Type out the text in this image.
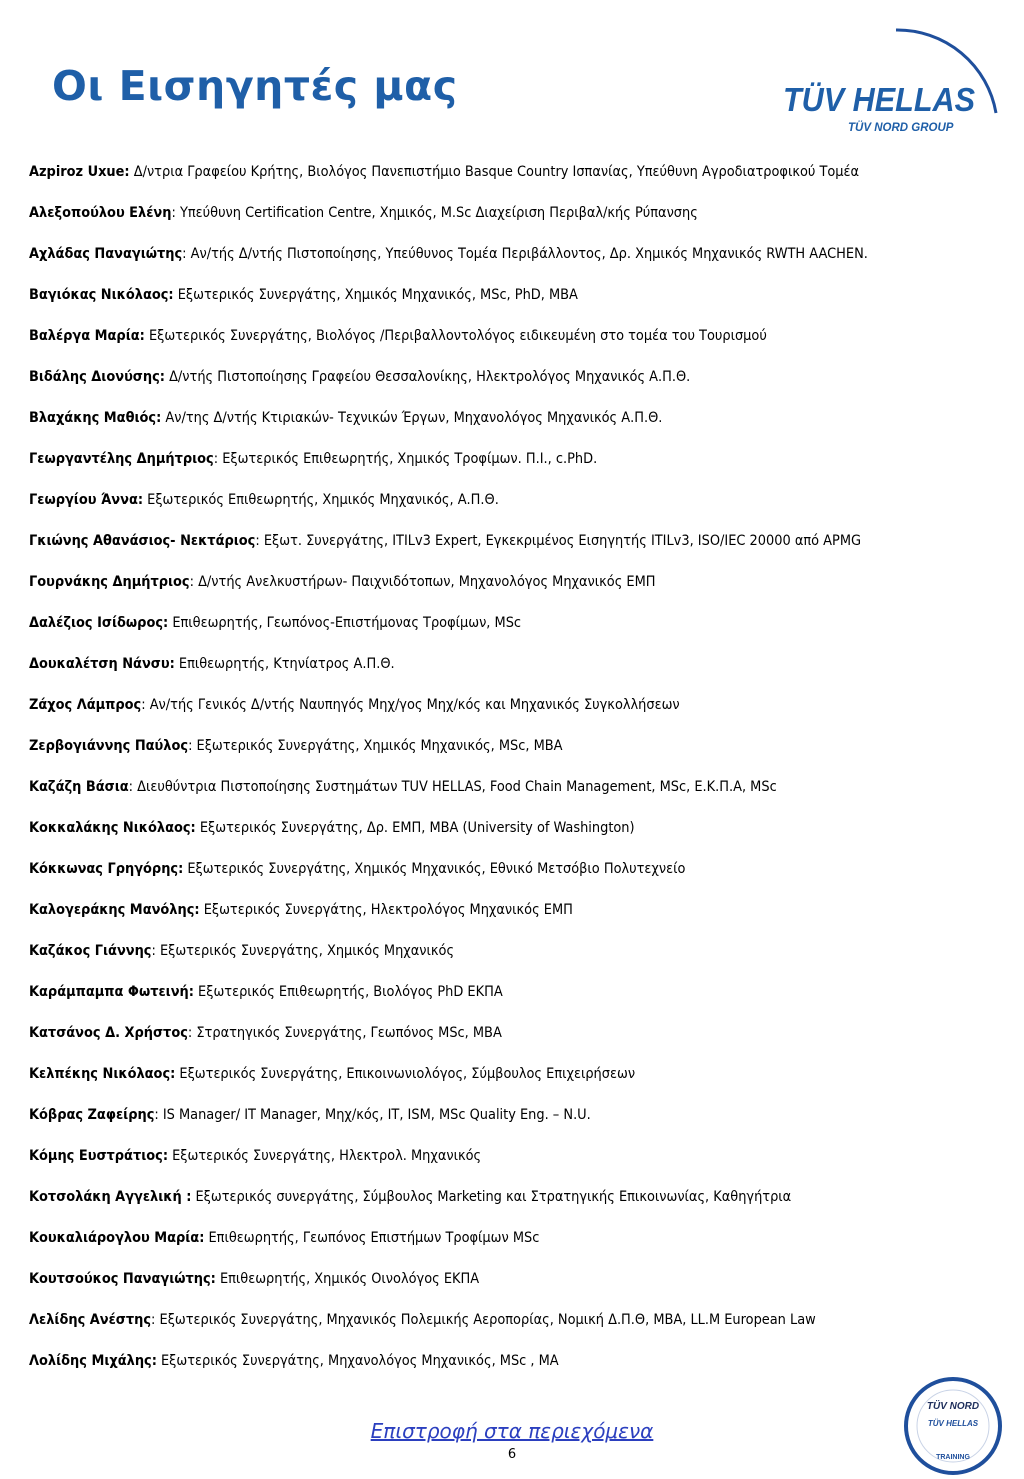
Οι Εισηγητές μας	TÜV HELLAS
TÜV NORD GROUP
Azpiroz Uxue: Δ/ντρια Γραφείου Κρήτης, Βιολόγος Πανεπιστήμιο Basque Country Ισπανίας, Υπεύθυνη Αγροδιατροφικού Τομέα
Αλεξοπούλου Ελένη: Υπεύθυνη Certification Centre, Χημικός, M.Sc Διαχείριση Περιβαλ/κής Ρύπανσης
Αχλάδας Παναγιώτης: Αν/τής Δ/ντής Πιστοποίησης, Υπεύθυνος Τομέα Περιβάλλοντος, Δρ. Χημικός Μηχανικός RWTH AACHEN.
Βαγιόκας Νικόλαος: Εξωτερικός Συνεργάτης, Χημικός Μηχανικός, MSc, PhD, MBA
Βαλέργα Μαρία: Εξωτερικός Συνεργάτης, Βιολόγος /Περιβαλλοντολόγος ειδικευμένη στο τομέα του Τουρισμού
Βιδάλης Διονύσης: Δ/ντής Πιστοποίησης Γραφείου Θεσσαλονίκης, Ηλεκτρολόγος Μηχανικός Α.Π.Θ.
Βλαχάκης Μαθιός: Αν/της Δ/ντής Κτιριακών- Τεχνικών Έργων, Μηχανολόγος Μηχανικός Α.Π.Θ.
Γεωργαντέλης Δημήτριος: Εξωτερικός Επιθεωρητής, Χημικός Τροφίμων. Π.Ι., c.PhD.
Γεωργίου Άννα: Εξωτερικός Επιθεωρητής, Χημικός Μηχανικός, Α.Π.Θ.
Γκιώνης Αθανάσιος- Νεκτάριος: Εξωτ. Συνεργάτης, ITILv3 Expert, Εγκεκριμένος Εισηγητής ITILv3, ISO/IEC 20000 από APMG
Γουρνάκης Δημήτριος: Δ/ντής Ανελκυστήρων- Παιχνιδότοπων, Μηχανολόγος Μηχανικός ΕΜΠ
Δαλέζιος Ισίδωρος: Επιθεωρητής, Γεωπόνος-Επιστήμονας Τροφίμων, MSc
Δουκαλέτση Νάνσυ: Επιθεωρητής, Κτηνίατρος Α.Π.Θ.
Ζάχος Λάμπρος: Αν/τής Γενικός Δ/ντής Ναυπηγός Μηχ/γος Μηχ/κός και Μηχανικός Συγκολλήσεων
Ζερβογιάννης Παύλος: Εξωτερικός Συνεργάτης, Χημικός Μηχανικός, MSc, MBA
Καζάζη Βάσια: Διευθύντρια Πιστοποίησης Συστημάτων TUV HELLAS, Food Chain Management, MSc, Ε.Κ.Π.Α, MSc
Κοκκαλάκης Νικόλαος: Εξωτερικός Συνεργάτης, Δρ. ΕΜΠ, MBA (University of Washington)
Κόκκωνας Γρηγόρης: Εξωτερικός Συνεργάτης, Χημικός Μηχανικός, Εθνικό Μετσόβιο Πολυτεχνείο
Καλογεράκης Μανόλης: Εξωτερικός Συνεργάτης, Ηλεκτρολόγος Μηχανικός ΕΜΠ
Καζάκος Γιάννης: Εξωτερικός Συνεργάτης, Χημικός Μηχανικός
Καράμπαμπα Φωτεινή: Εξωτερικός Επιθεωρητής, Βιολόγος PhD ΕΚΠΑ
Κατσάνος Δ. Χρήστος: Στρατηγικός Συνεργάτης, Γεωπόνος MSc, MBA
Κελπέκης Νικόλαος: Εξωτερικός Συνεργάτης, Επικοινωνιολόγος, Σύμβουλος Επιχειρήσεων
Κόβρας Ζαφείρης: IS Manager/ IT Manager, Μηχ/κός, IT, ISM, MSc Quality Eng. – N.U.
Κόμης Ευστράτιος: Εξωτερικός Συνεργάτης, Ηλεκτρολ. Μηχανικός
Κοτσολάκη Αγγελική : Εξωτερικός συνεργάτης, Σύμβουλος Marketing και Στρατηγικής Επικοινωνίας, Καθηγήτρια
Κουκαλιάρογλου Μαρία: Επιθεωρητής, Γεωπόνος Επιστήμων Τροφίμων MSc
Κουτσούκος Παναγιώτης: Επιθεωρητής, Χημικός Οινολόγος ΕΚΠΑ
Λελίδης Ανέστης: Εξωτερικός Συνεργάτης, Μηχανικός Πολεμικής Αεροπορίας, Νομική Δ.Π.Θ, MBA, LL.M European Law
Λολίδης Μιχάλης: Εξωτερικός Συνεργάτης, Μηχανολόγος Μηχανικός, MSc , MA
Επιστροφή στα περιεχόμενα
6
TÜV NORD
TÜV HELLAS
TRAINING
